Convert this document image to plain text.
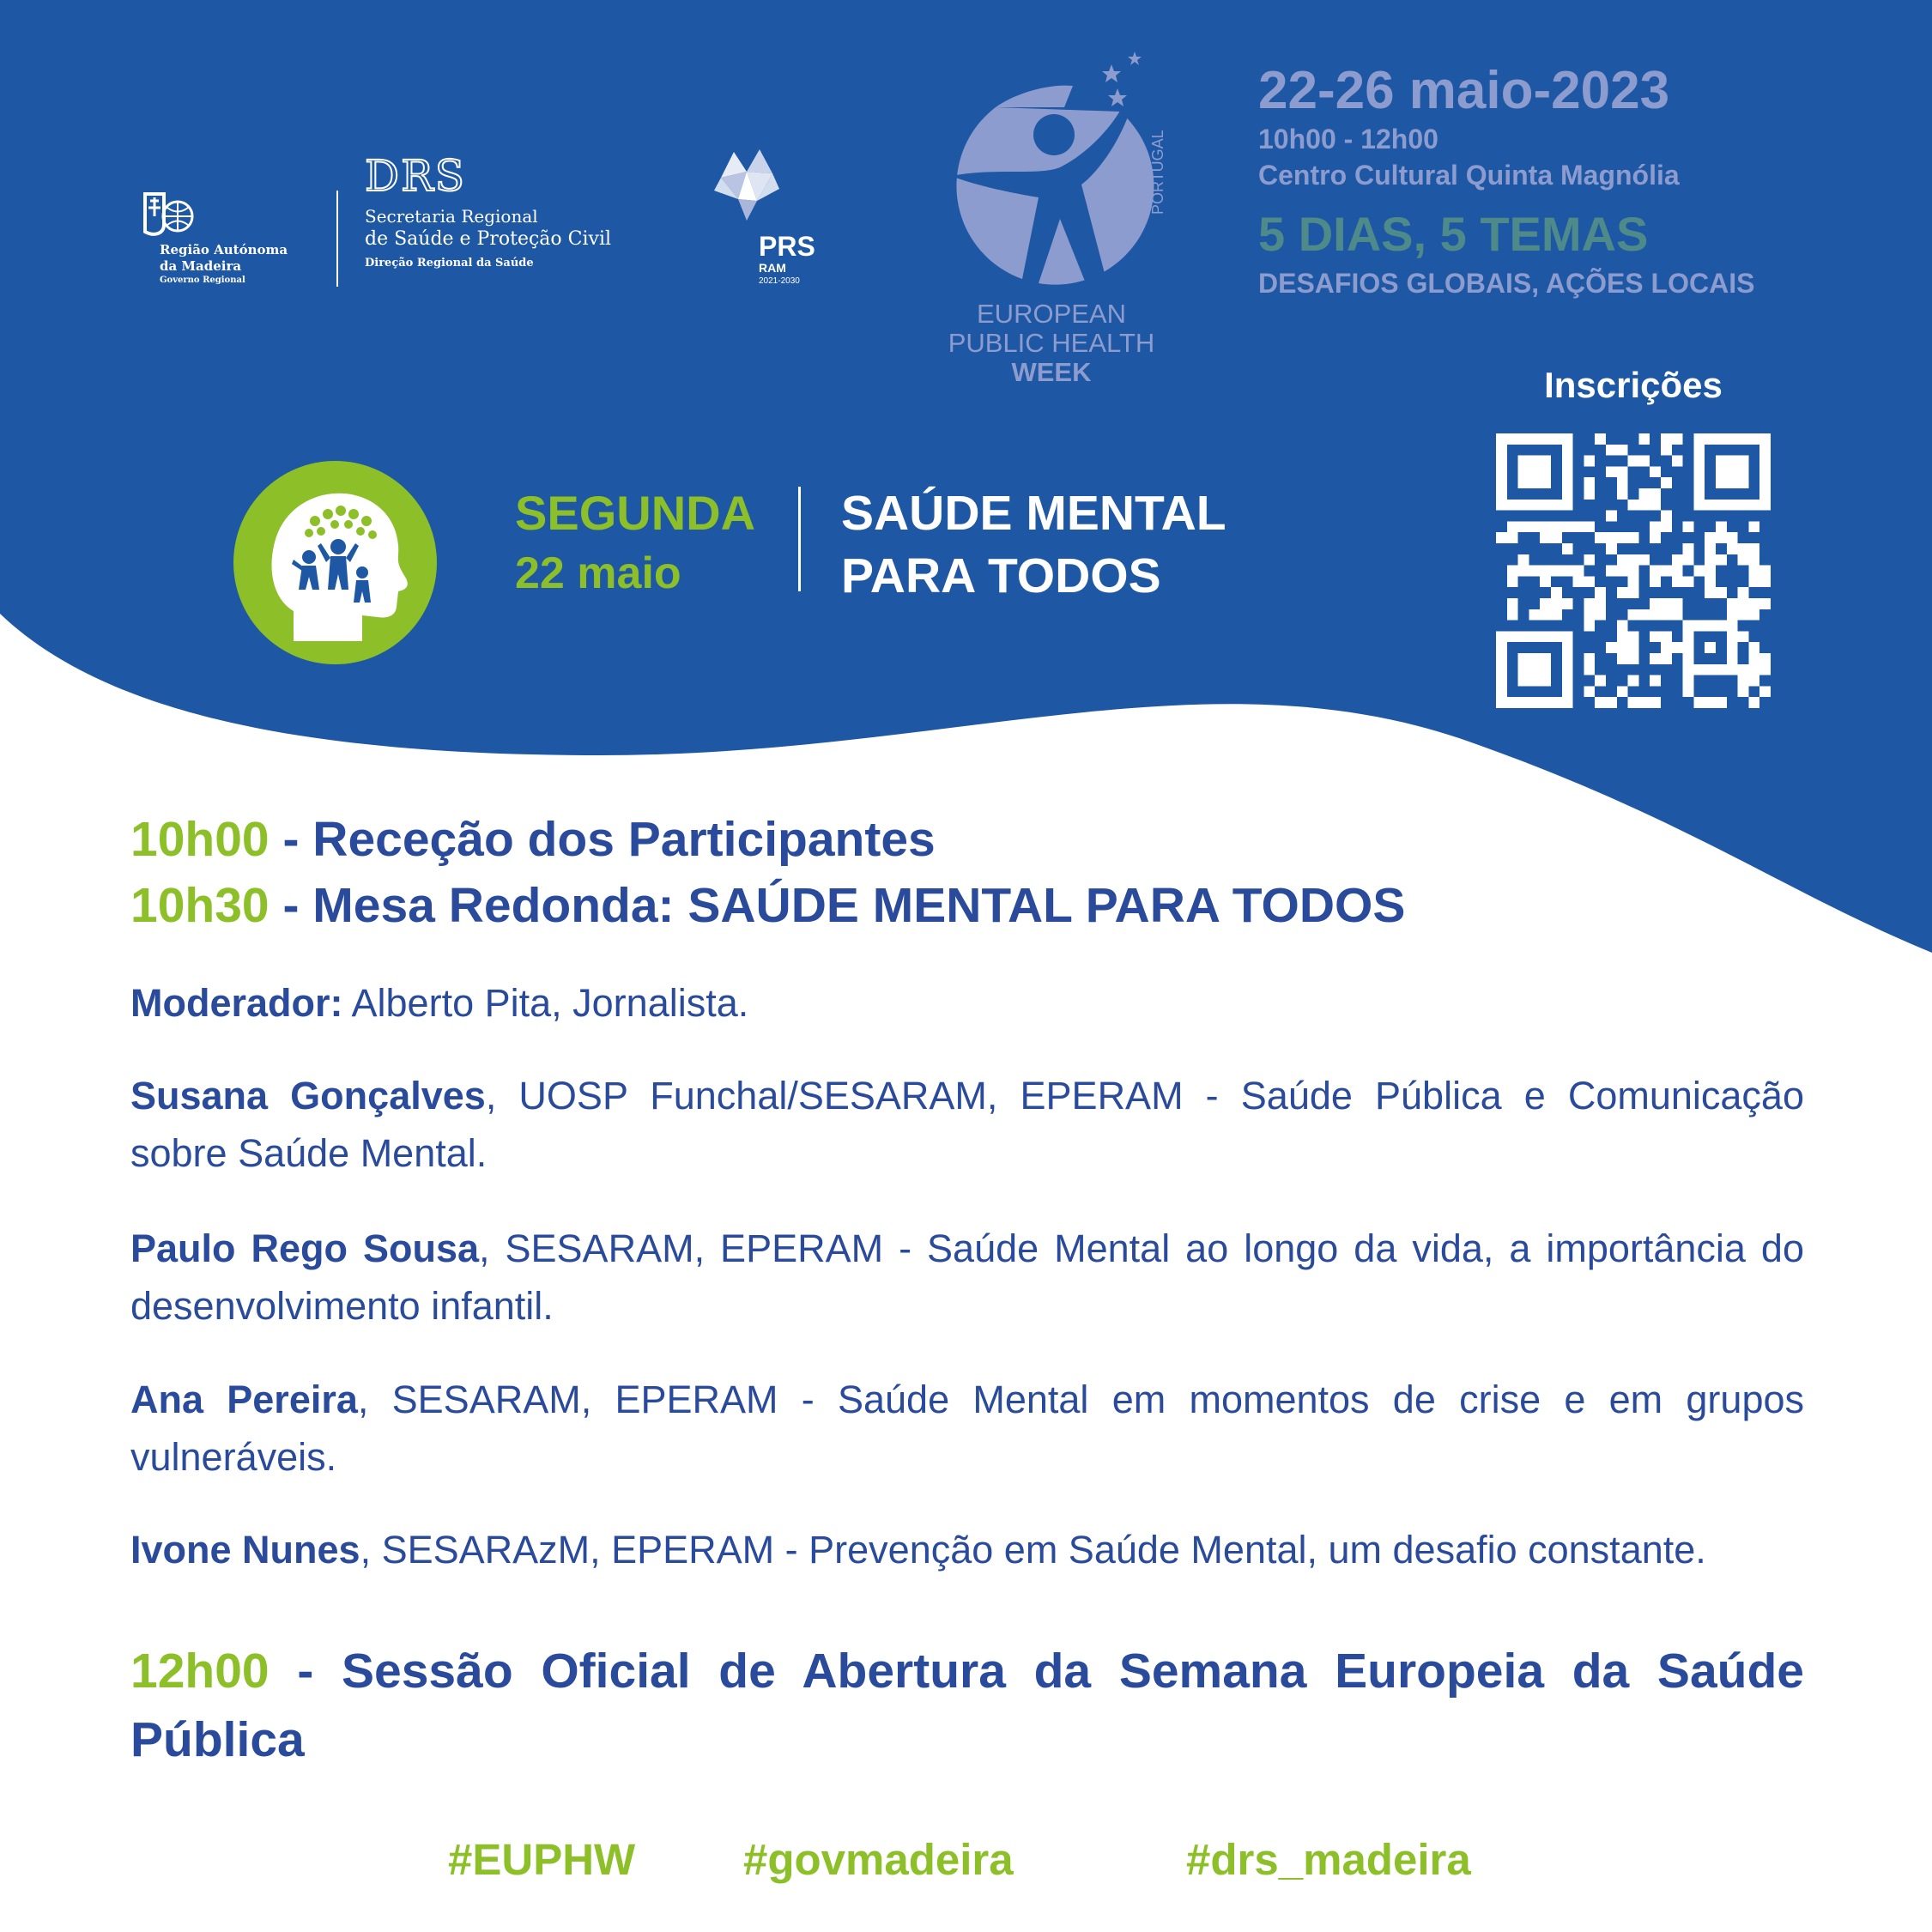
Região Autónoma
da Madeira
Governo Regional
DRS
Secretaria Regional
de Saúde e Proteção Civil
Direção Regional da Saúde
PRS
RAM
2021-2030
PORTUGAL
EUROPEAN
PUBLIC HEALTH
WEEK
22-26 maio-2023
10h00 - 12h00
Centro Cultural Quinta Magnólia
5 DIAS, 5 TEMAS
DESAFIOS GLOBAIS, AÇÕES LOCAIS
Inscrições
SEGUNDA
22 maio
SAÚDE MENTAL
PARA TODOS
10h00 - Receção dos Participantes
10h30 - Mesa Redonda: SAÚDE MENTAL PARA TODOS
Moderador: Alberto Pita, Jornalista.
Susana Gonçalves, UOSP Funchal/SESARAM, EPERAM - Saúde Pública e Comunicação sobre Saúde Mental.
Paulo Rego Sousa, SESARAM, EPERAM - Saúde Mental ao longo da vida, a importância do desenvolvimento infantil.
Ana Pereira, SESARAM, EPERAM - Saúde Mental em momentos de crise e em grupos vulneráveis.
Ivone Nunes, SESARAzM, EPERAM - Prevenção em Saúde Mental, um desafio constante.
12h00 - Sessão Oficial de Abertura da Semana Europeia da Saúde Pública
#EUPHW #govmadeira	#drs_madeira
